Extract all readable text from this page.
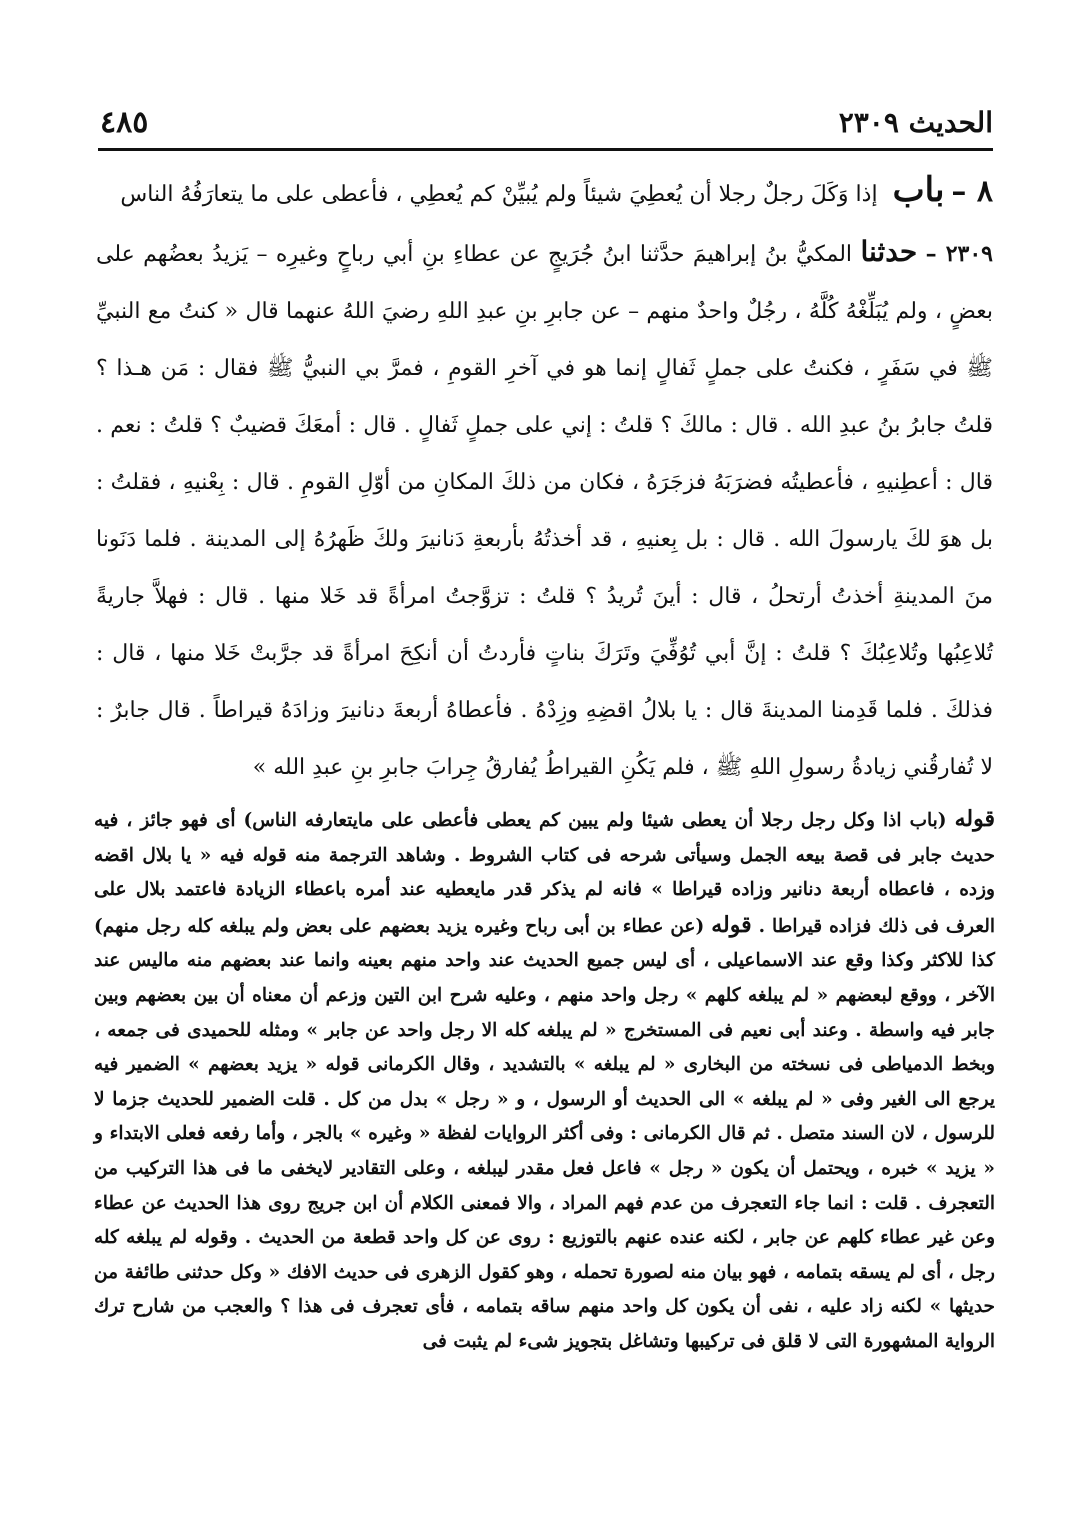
الحديث ٢٣٠٩
٤٨٥

٨ – باب إذا وَكَلَ رجلٌ رجلا أن يُعطِيَ شيئاً ولم يُبيِّنْ كم يُعطِي ، فأعطى على ما يتعارَفُهُ الناس

٢٣٠٩ – حدثنا المكيُّ بنُ إبراهيمَ حدَّثنا ابنُ جُرَيجٍ عن عطاءِ بنِ أبي رباحٍ وغيرِه – يَزيدُ بعضُهم على بعضٍ ، ولم يُبَلِّغْهُ كُلَّهُ ، رجُلٌ واحدٌ منهم – عن جابرِ بنِ عبدِ اللهِ رضيَ اللهُ عنهما قال « كنتُ مع النبيِّ ﷺ في سَفَرٍ ، فكنتُ على جملٍ ثَفالٍ إنما هو في آخرِ القومِ ، فمرَّ بي النبيُّ ﷺ فقال : مَن هـذا ؟ قلتُ جابرُ بنُ عبدِ الله . قال : مالكَ ؟ قلتُ : إني على جملٍ ثَفالٍ . قال : أمعَكَ قضيبٌ ؟ قلتُ : نعم . قال : أعطِنيهِ ، فأعطيتُه فضرَبَهُ فزجَرَهُ ، فكان من ذلكَ المكانِ من أوّلِ القومِ . قال : بِعْنيهِ ، فقلتُ : بل هوَ لكَ يارسولَ الله . قال : بل بِعنيهِ ، قد أخذتُهُ بأربعةِ دَنانيرَ ولكَ ظَهرُهُ إلى المدينة . فلما دَنَونا منَ المدينةِ أخذتُ أرتحلُ ، قال : أينَ تُريدُ ؟ قلتُ : تزوَّجتُ امرأةً قد خَلا منها . قال : فهلاَّ جاريةً تُلاعِبُها وتُلاعِبُكَ ؟ قلتُ : إنَّ أبي تُوُفِّيَ وتَرَكَ بناتٍ فأردتُ أن أنكِحَ امرأةً قد جرَّبتْ خَلا منها ، قال : فذلكَ . فلما قَدِمنا المدينةَ قال : يا بلالُ اقضِهِ وزِدْهُ . فأعطاهُ أربعةَ دنانيرَ وزادَهُ قيراطاً . قال جابرٌ : لا تُفارقُني زيادةُ رسولِ اللهِ ﷺ ، فلم يَكُنِ القيراطُ يُفارقُ جِرابَ جابرِ بنِ عبدِ الله »

قوله (باب اذا وكل رجل رجلا أن يعطى شيئا ولم يبين كم يعطى فأعطى على مايتعارفه الناس) أى فهو جائز ، فيه حديث جابر فى قصة بيعه الجمل وسيأتى شرحه فى كتاب الشروط . وشاهد الترجمة منه قوله فيه « يا بلال اقضه وزده ، فاعطاه أربعة دنانير وزاده قيراطا » فانه لم يذكر قدر مايعطيه عند أمره باعطاء الزيادة فاعتمد بلال على العرف فى ذلك فزاده قيراطا . قوله (عن عطاء بن أبى رباح وغيره يزيد بعضهم على بعض ولم يبلغه كله رجل منهم) كذا للاكثر وكذا وقع عند الاسماعيلى ، أى ليس جميع الحديث عند واحد منهم بعينه وانما عند بعضهم منه ماليس عند الآخر ، ووقع لبعضهم « لم يبلغه كلهم » رجل واحد منهم ، وعليه شرح ابن التين وزعم أن معناه أن بين بعضهم وبين جابر فيه واسطة . وعند أبى نعيم فى المستخرج « لم يبلغه كله الا رجل واحد عن جابر » ومثله للحميدى فى جمعه ، وبخط الدمياطى فى نسخته من البخارى « لم يبلغه » بالتشديد ، وقال الكرمانى قوله « يزيد بعضهم » الضمير فيه يرجع الى الغير وفى « لم يبلغه » الى الحديث أو الرسول ، و « رجل » بدل من كل . قلت الضمير للحديث جزما لا للرسول ، لان السند متصل . ثم قال الكرمانى : وفى أكثر الروايات لفظة « وغيره » بالجر ، وأما رفعه فعلى الابتداء و « يزيد » خبره ، ويحتمل أن يكون « رجل » فاعل فعل مقدر ليبلغه ، وعلى التقادير لايخفى ما فى هذا التركيب من التعجرف . قلت : انما جاء التعجرف من عدم فهم المراد ، والا فمعنى الكلام أن ابن جريج روى هذا الحديث عن عطاء وعن غير عطاء كلهم عن جابر ، لكنه عنده عنهم بالتوزيع : روى عن كل واحد قطعة من الحديث . وقوله لم يبلغه كله رجل ، أى لم يسقه بتمامه ، فهو بيان منه لصورة تحمله ، وهو كقول الزهرى فى حديث الافك « وكل حدثنى طائفة من حديثها » لكنه زاد عليه ، نفى أن يكون كل واحد منهم ساقه بتمامه ، فأى تعجرف فى هذا ؟ والعجب من شارح ترك الرواية المشهورة التى لا قلق فى تركيبها وتشاغل بتجويز شىء لم يثبت فى
